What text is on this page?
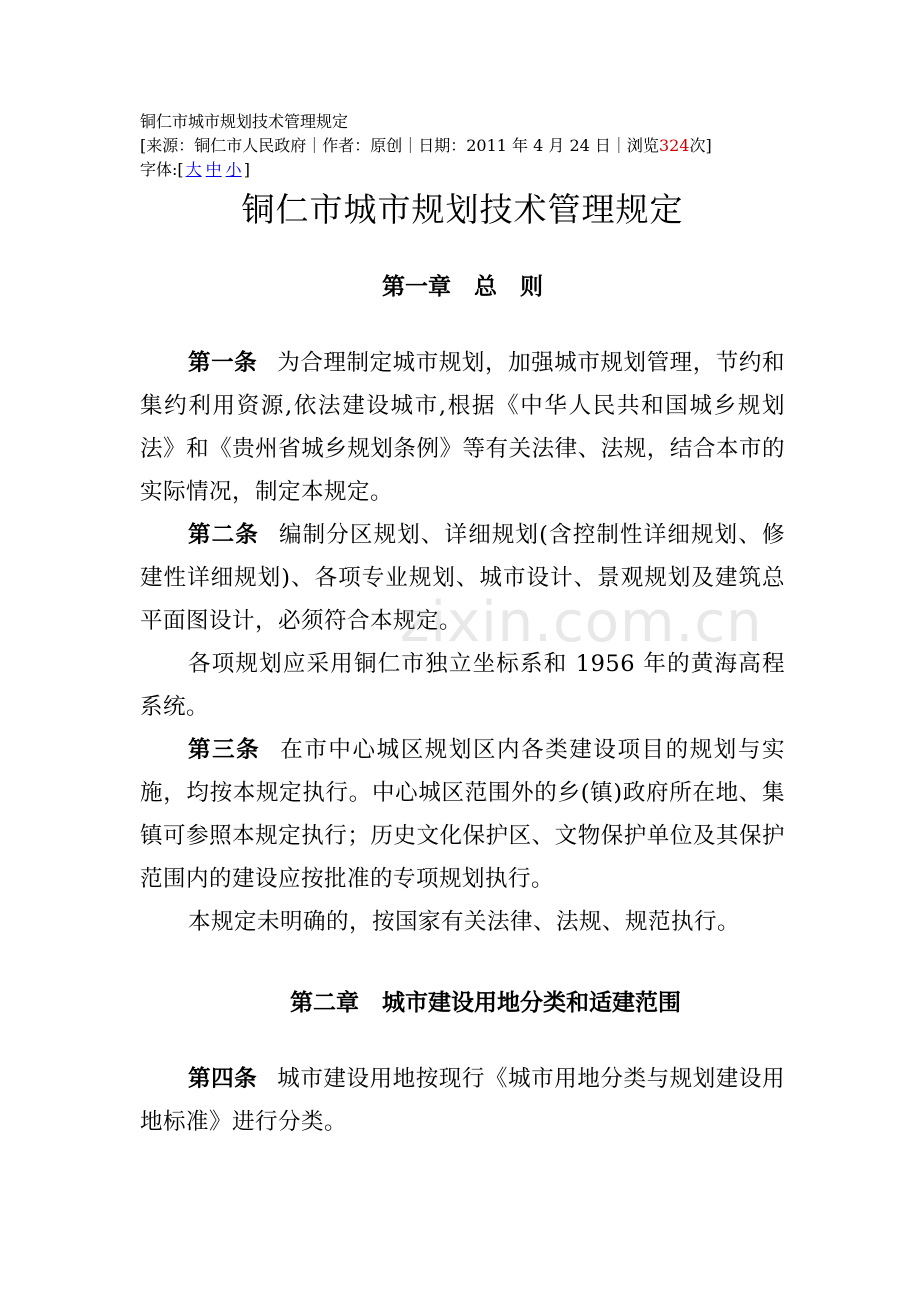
铜仁市城市规划技术管理规定
[来源：铜仁市人民政府｜作者：原创｜日期：2011 年 4 月 24 日｜浏览324次]
字体:[ 大 中 小 ]
铜仁市城市规划技术管理规定
第一章　总　则

第一条 为合理制定城市规划，加强城市规划管理，节约和集约利用资源,依法建设城市,根据《中华人民共和国城乡规划法》和《贵州省城乡规划条例》等有关法律、法规，结合本市的实际情况，制定本规定。

第二条 编制分区规划、详细规划(含控制性详细规划、修建性详细规划)、各项专业规划、城市设计、景观规划及建筑总平面图设计，必须符合本规定。

各项规划应采用铜仁市独立坐标系和 1956 年的黄海高程系统。

第三条 在市中心城区规划区内各类建设项目的规划与实施，均按本规定执行。中心城区范围外的乡(镇)政府所在地、集镇可参照本规定执行；历史文化保护区、文物保护单位及其保护范围内的建设应按批准的专项规划执行。

本规定未明确的，按国家有关法律、法规、规范执行。

第二章　城市建设用地分类和适建范围

第四条 城市建设用地按现行《城市用地分类与规划建设用地标准》进行分类。

zixin.com.cn
